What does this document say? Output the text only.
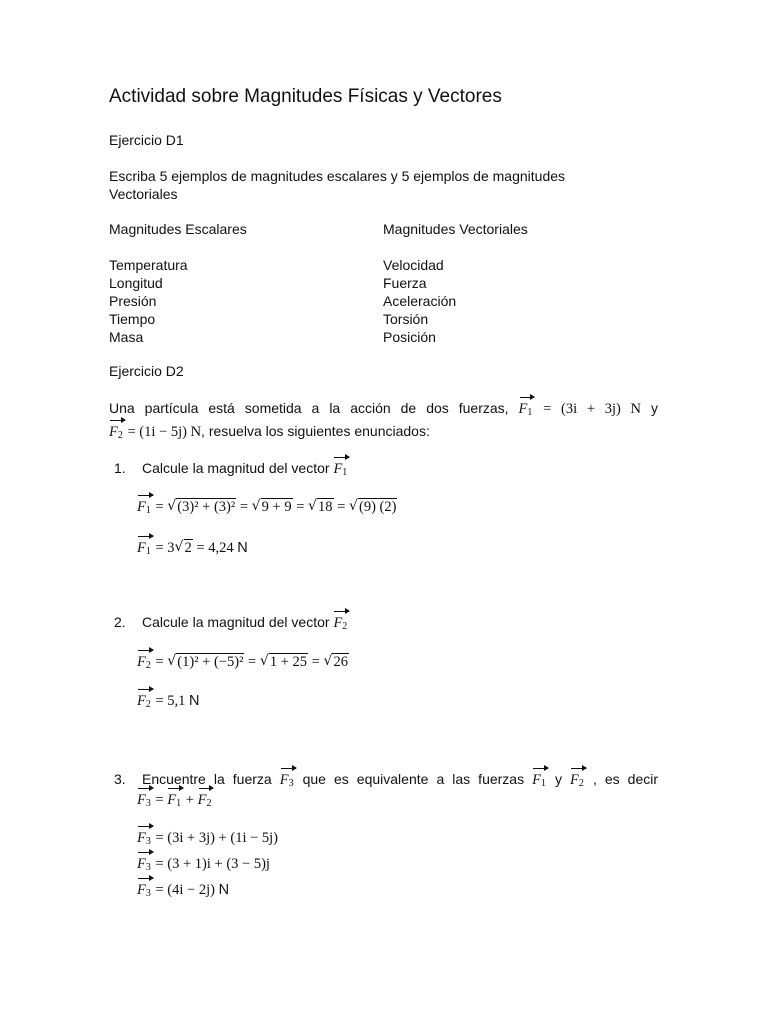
Actividad sobre Magnitudes Físicas y Vectores
Ejercicio D1
Escriba 5 ejemplos de magnitudes escalares y 5 ejemplos de magnitudes
Vectoriales
Magnitudes Escalares	Magnitudes Vectoriales
Temperatura
Longitud
Presión
Tiempo
Masa
Velocidad
Fuerza
Aceleración
Torsión
Posición
Ejercicio D2
Una partícula está sometida a la acción de dos fuerzas, $F_1$
= (3i + 3j) N y
$F_2$
= (1i − 5j) N, resuelva los siguientes enunciados:
1. Calcule la magnitud del vector $F_1$
$F_1$
= √ (3)² + (3)² = √ 9 + 9 = √ 18 = √ (9) (2)
$F_1$
= 3√ 2 = 4,24 N
2. Calcule la magnitud del vector $F_2$
$F_2$
= √ (1)² + (−5)² = √ 1 + 25 = √ 26
$F_2$
= 5,1 N
3. Encuentre la fuerza $F_3$ que es equivalente a las fuerzas $F_1$ y $F_2$ , es decir
$F_3$
= $F_1$
+ $F_2$
$F_3$
= (3i + 3j) + (1i − 5j)
$F_3$
= (3 + 1)i + (3 − 5)j
$F_3$
= (4i − 2j) N
